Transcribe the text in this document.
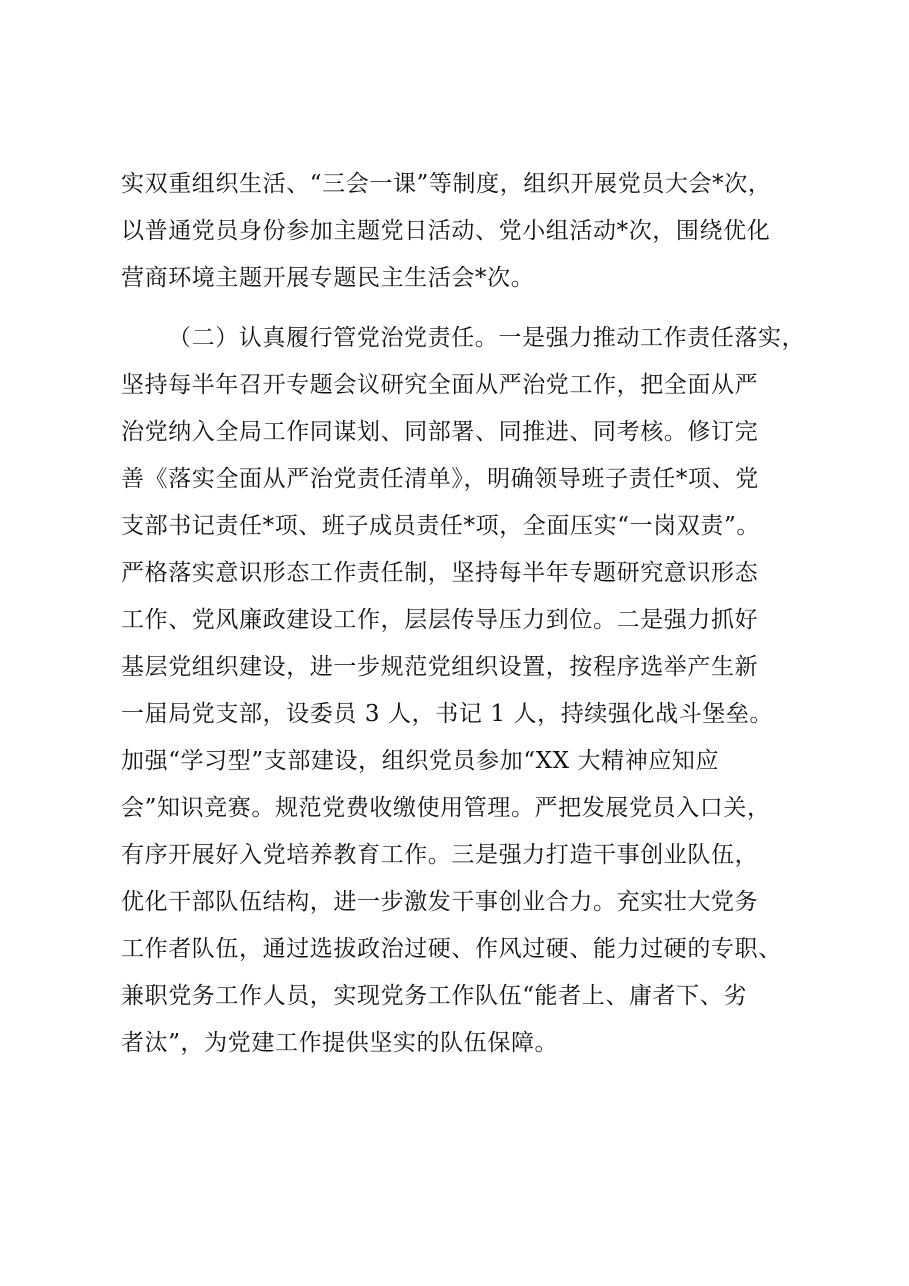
实双重组织生活、“三会一课”等制度，组织开展党员大会*次，
以普通党员身份参加主题党日活动、党小组活动*次，围绕优化
营商环境主题开展专题民主生活会*次。
（二）认真履行管党治党责任。一是强力推动工作责任落实，
坚持每半年召开专题会议研究全面从严治党工作，把全面从严
治党纳入全局工作同谋划、同部署、同推进、同考核。修订完
善《落实全面从严治党责任清单》，明确领导班子责任*项、党
支部书记责任*项、班子成员责任*项，全面压实“一岗双责”。
严格落实意识形态工作责任制，坚持每半年专题研究意识形态
工作、党风廉政建设工作，层层传导压力到位。二是强力抓好
基层党组织建设，进一步规范党组织设置，按程序选举产生新
一届局党支部，设委员 3 人，书记 1 人，持续强化战斗堡垒。
加强“学习型”支部建设，组织党员参加“XX 大精神应知应
会”知识竞赛。规范党费收缴使用管理。严把发展党员入口关，
有序开展好入党培养教育工作。三是强力打造干事创业队伍，
优化干部队伍结构，进一步激发干事创业合力。充实壮大党务
工作者队伍，通过选拔政治过硬、作风过硬、能力过硬的专职、
兼职党务工作人员，实现党务工作队伍“能者上、庸者下、劣
者汰”，为党建工作提供坚实的队伍保障。
